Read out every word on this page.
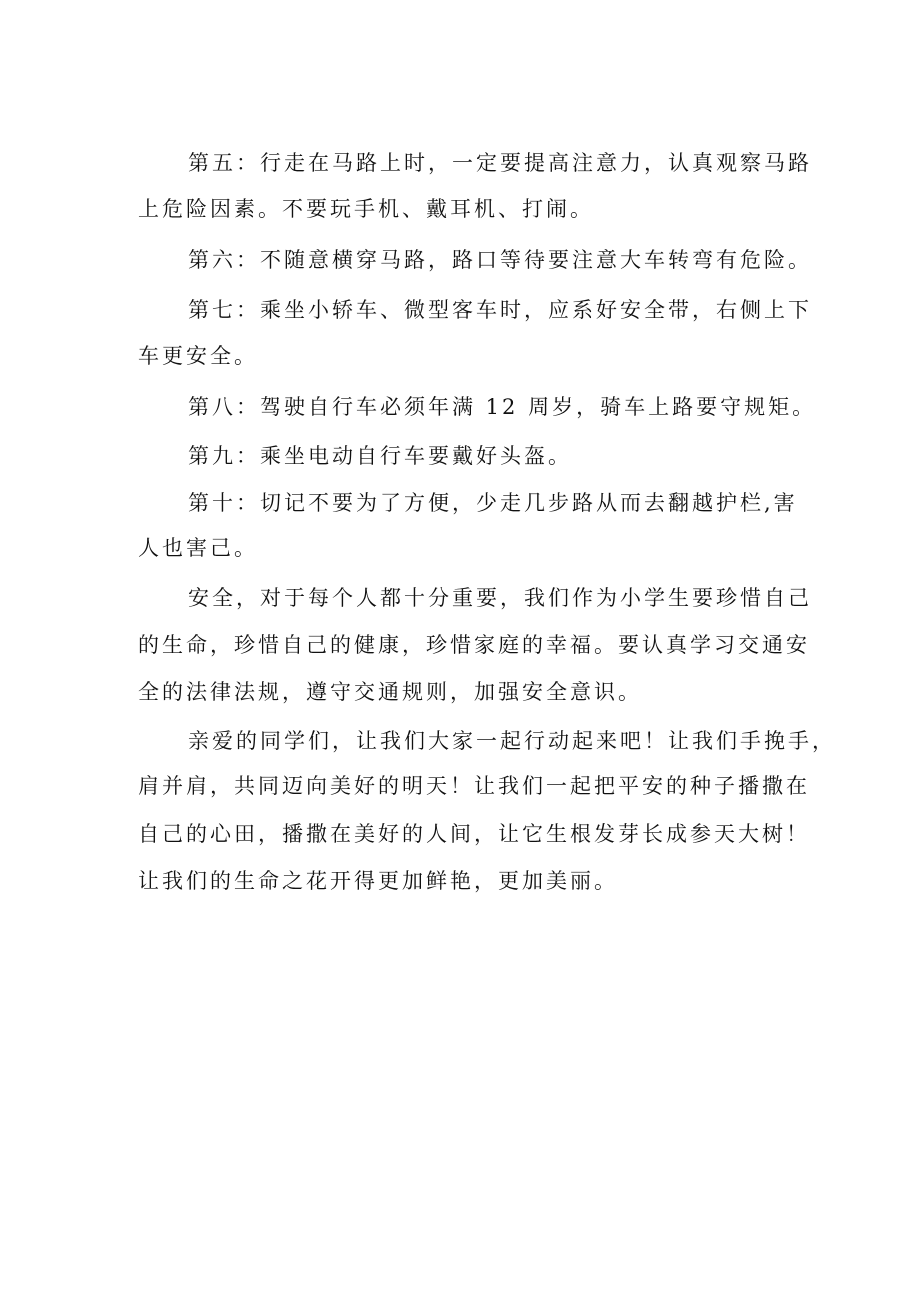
第五：行走在马路上时，一定要提高注意力，认真观察马路
上危险因素。不要玩手机、戴耳机、打闹。
第六：不随意横穿马路，路口等待要注意大车转弯有危险。
第七：乘坐小轿车、微型客车时，应系好安全带，右侧上下
车更安全。
第八：驾驶自行车必须年满 12 周岁，骑车上路要守规矩。
第九：乘坐电动自行车要戴好头盔。
第十：切记不要为了方便，少走几步路从而去翻越护栏,害
人也害己。
安全，对于每个人都十分重要，我们作为小学生要珍惜自己
的生命，珍惜自己的健康，珍惜家庭的幸福。要认真学习交通安
全的法律法规，遵守交通规则，加强安全意识。
亲爱的同学们，让我们大家一起行动起来吧！让我们手挽手，
肩并肩，共同迈向美好的明天！让我们一起把平安的种子播撒在
自己的心田，播撒在美好的人间，让它生根发芽长成参天大树！
让我们的生命之花开得更加鲜艳，更加美丽。
